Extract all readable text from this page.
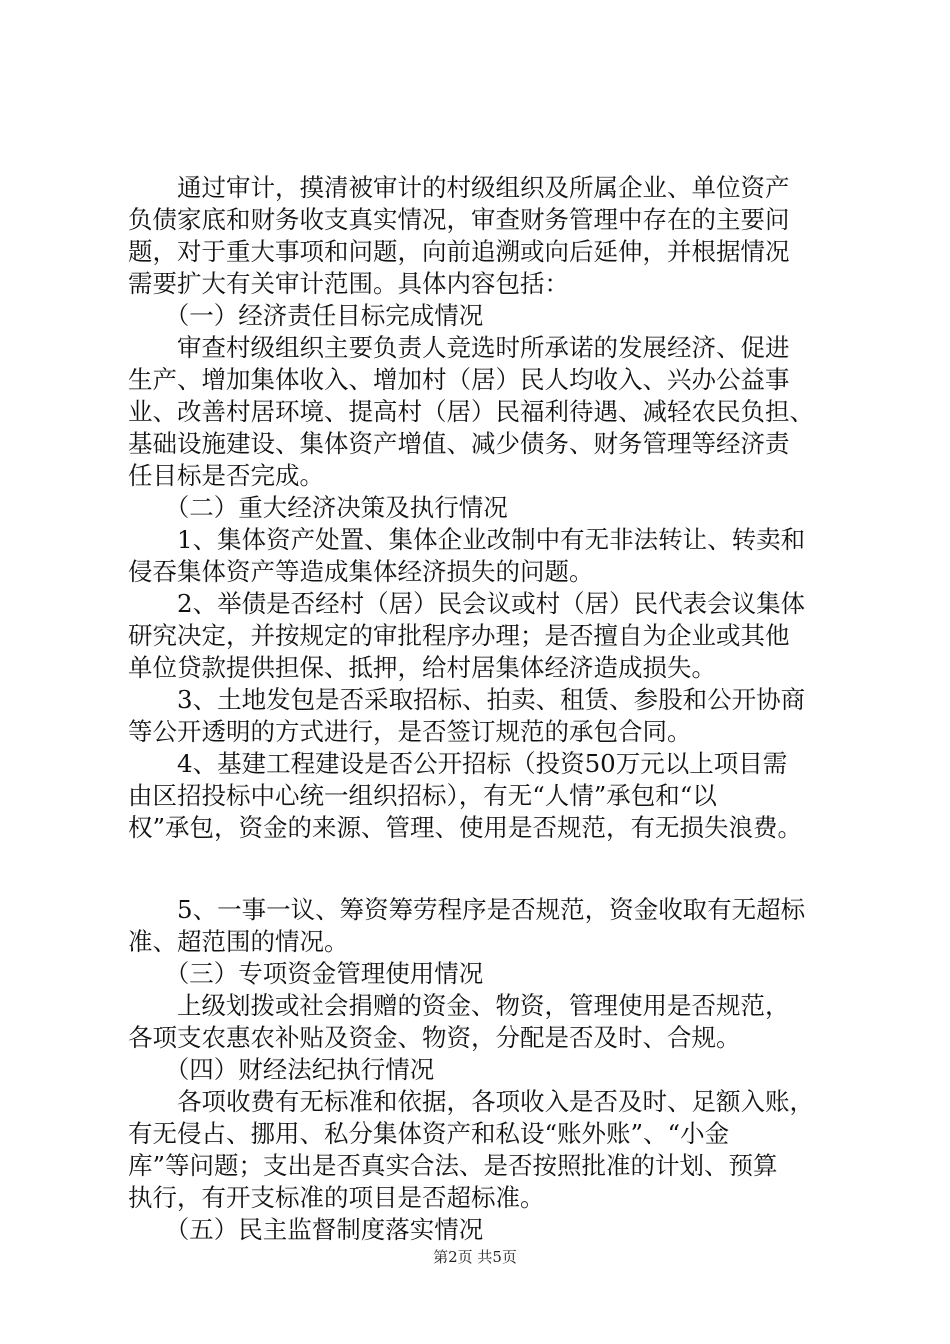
　　通过审计，摸清被审计的村级组织及所属企业、单位资产
负债家底和财务收支真实情况，审查财务管理中存在的主要问
题，对于重大事项和问题，向前追溯或向后延伸，并根据情况
需要扩大有关审计范围。具体内容包括：
　　（一）经济责任目标完成情况
　　审查村级组织主要负责人竞选时所承诺的发展经济、促进
生产、增加集体收入、增加村（居）民人均收入、兴办公益事
业、改善村居环境、提高村（居）民福利待遇、减轻农民负担、
基础设施建设、集体资产增值、减少债务、财务管理等经济责
任目标是否完成。
　　（二）重大经济决策及执行情况
　　1、集体资产处置、集体企业改制中有无非法转让、转卖和
侵吞集体资产等造成集体经济损失的问题。
　　2、举债是否经村（居）民会议或村（居）民代表会议集体
研究决定，并按规定的审批程序办理；是否擅自为企业或其他
单位贷款提供担保、抵押，给村居集体经济造成损失。
　　3、土地发包是否采取招标、拍卖、租赁、参股和公开协商
等公开透明的方式进行，是否签订规范的承包合同。
　　4、基建工程建设是否公开招标（投资50万元以上项目需
由区招投标中心统一组织招标），有无“人情”承包和“以
权”承包，资金的来源、管理、使用是否规范，有无损失浪费。
　　5、一事一议、筹资筹劳程序是否规范，资金收取有无超标
准、超范围的情况。
　　（三）专项资金管理使用情况
　　上级划拨或社会捐赠的资金、物资，管理使用是否规范，
各项支农惠农补贴及资金、物资，分配是否及时、合规。
　　（四）财经法纪执行情况
　　各项收费有无标准和依据，各项收入是否及时、足额入账，
有无侵占、挪用、私分集体资产和私设“账外账”、“小金
库”等问题；支出是否真实合法、是否按照批准的计划、预算
执行，有开支标准的项目是否超标准。
　　（五）民主监督制度落实情况
第2页 共5页
